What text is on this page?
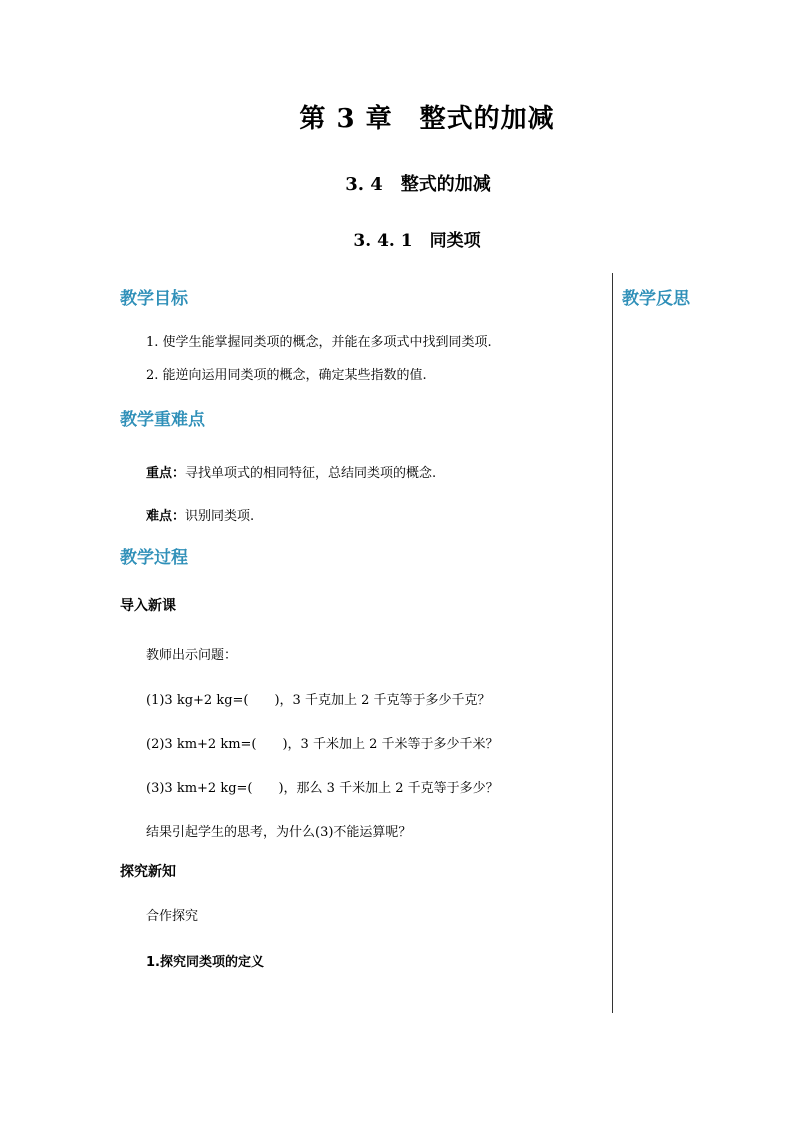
第 3 章　整式的加减
3. 4　整式的加减
3. 4. 1　同类项
教学反思
教学目标
1. 使学生能掌握同类项的概念，并能在多项式中找到同类项.
2. 能逆向运用同类项的概念，确定某些指数的值.
教学重难点
重点：寻找单项式的相同特征，总结同类项的概念.
难点：识别同类项.
教学过程
导入新课
教师出示问题：
(1)3 kg+2 kg=(　　)，3 千克加上 2 千克等于多少千克？
(2)3 km+2 km=(　　)，3 千米加上 2 千米等于多少千米？
(3)3 km+2 kg=(　　)，那么 3 千米加上 2 千克等于多少？
结果引起学生的思考，为什么(3)不能运算呢？
探究新知
合作探究
1.探究同类项的定义
